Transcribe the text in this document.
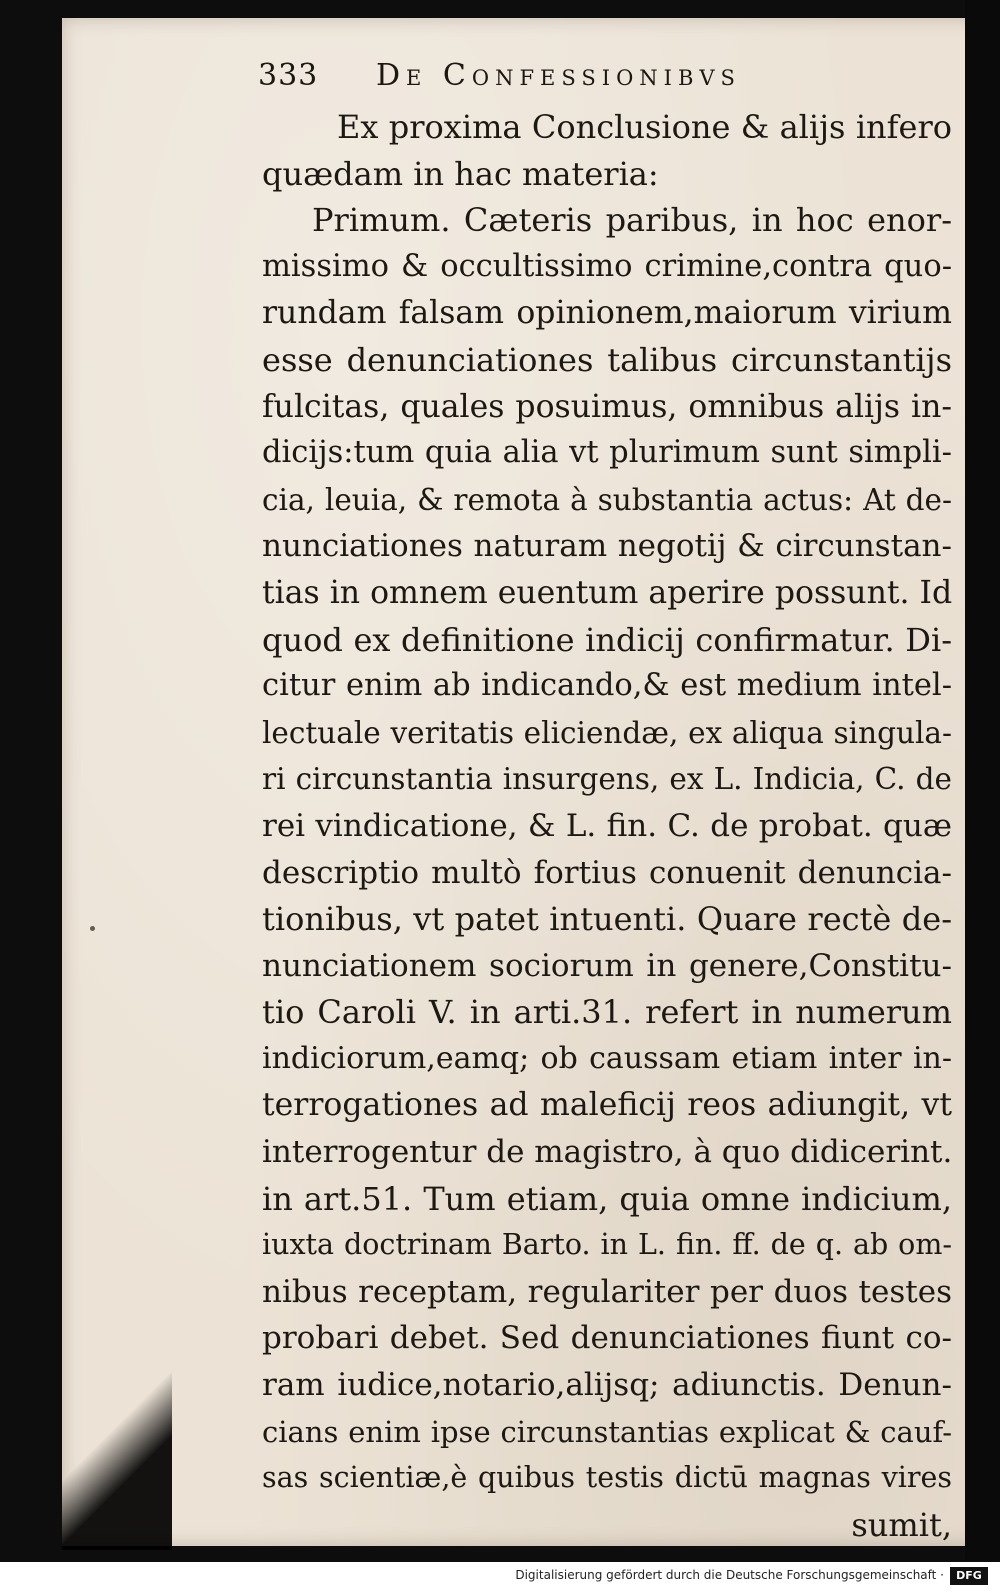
333 De Confessionibvs
Ex proxima Conclusione & alijs infero
quædam in hac materia:
Primum. Cæteris paribus, in hoc enor-
missimo & occultissimo crimine,contra quo-
rundam falsam opinionem,maiorum virium
esse denunciationes talibus circunstantijs
fulcitas, quales posuimus, omnibus alijs in-
dicijs:tum quia alia vt plurimum sunt simpli-
cia, leuia, & remota à substantia actus: At de-
nunciationes naturam negotij & circunstan-
tias in omnem euentum aperire possunt. Id
quod ex definitione indicij confirmatur. Di-
citur enim ab indicando,& est medium intel-
lectuale veritatis eliciendæ, ex aliqua singula-
ri circunstantia insurgens, ex L. Indicia, C. de
rei vindicatione, & L. fin. C. de probat. quæ
descriptio multò fortius conuenit denuncia-
tionibus, vt patet intuenti. Quare rectè de-
nunciationem sociorum in genere,Constitu-
tio Caroli V. in arti.31. refert in numerum
indiciorum,eamq; ob caussam etiam inter in-
terrogationes ad maleficij reos adiungit, vt
interrogentur de magistro, à quo didicerint.
in art.51. Tum etiam, quia omne indicium,
iuxta doctrinam Barto. in L. fin. ff. de q. ab om-
nibus receptam, regulariter per duos testes
probari debet. Sed denunciationes fiunt co-
ram iudice,notario,alijsq; adiunctis. Denun-
cians enim ipse circunstantias explicat & cauf-
sas scientiæ,è quibus testis dictū magnas vires
sumit,
Digitalisierung gefördert durch die Deutsche Forschungsgemeinschaft ·	DFG
